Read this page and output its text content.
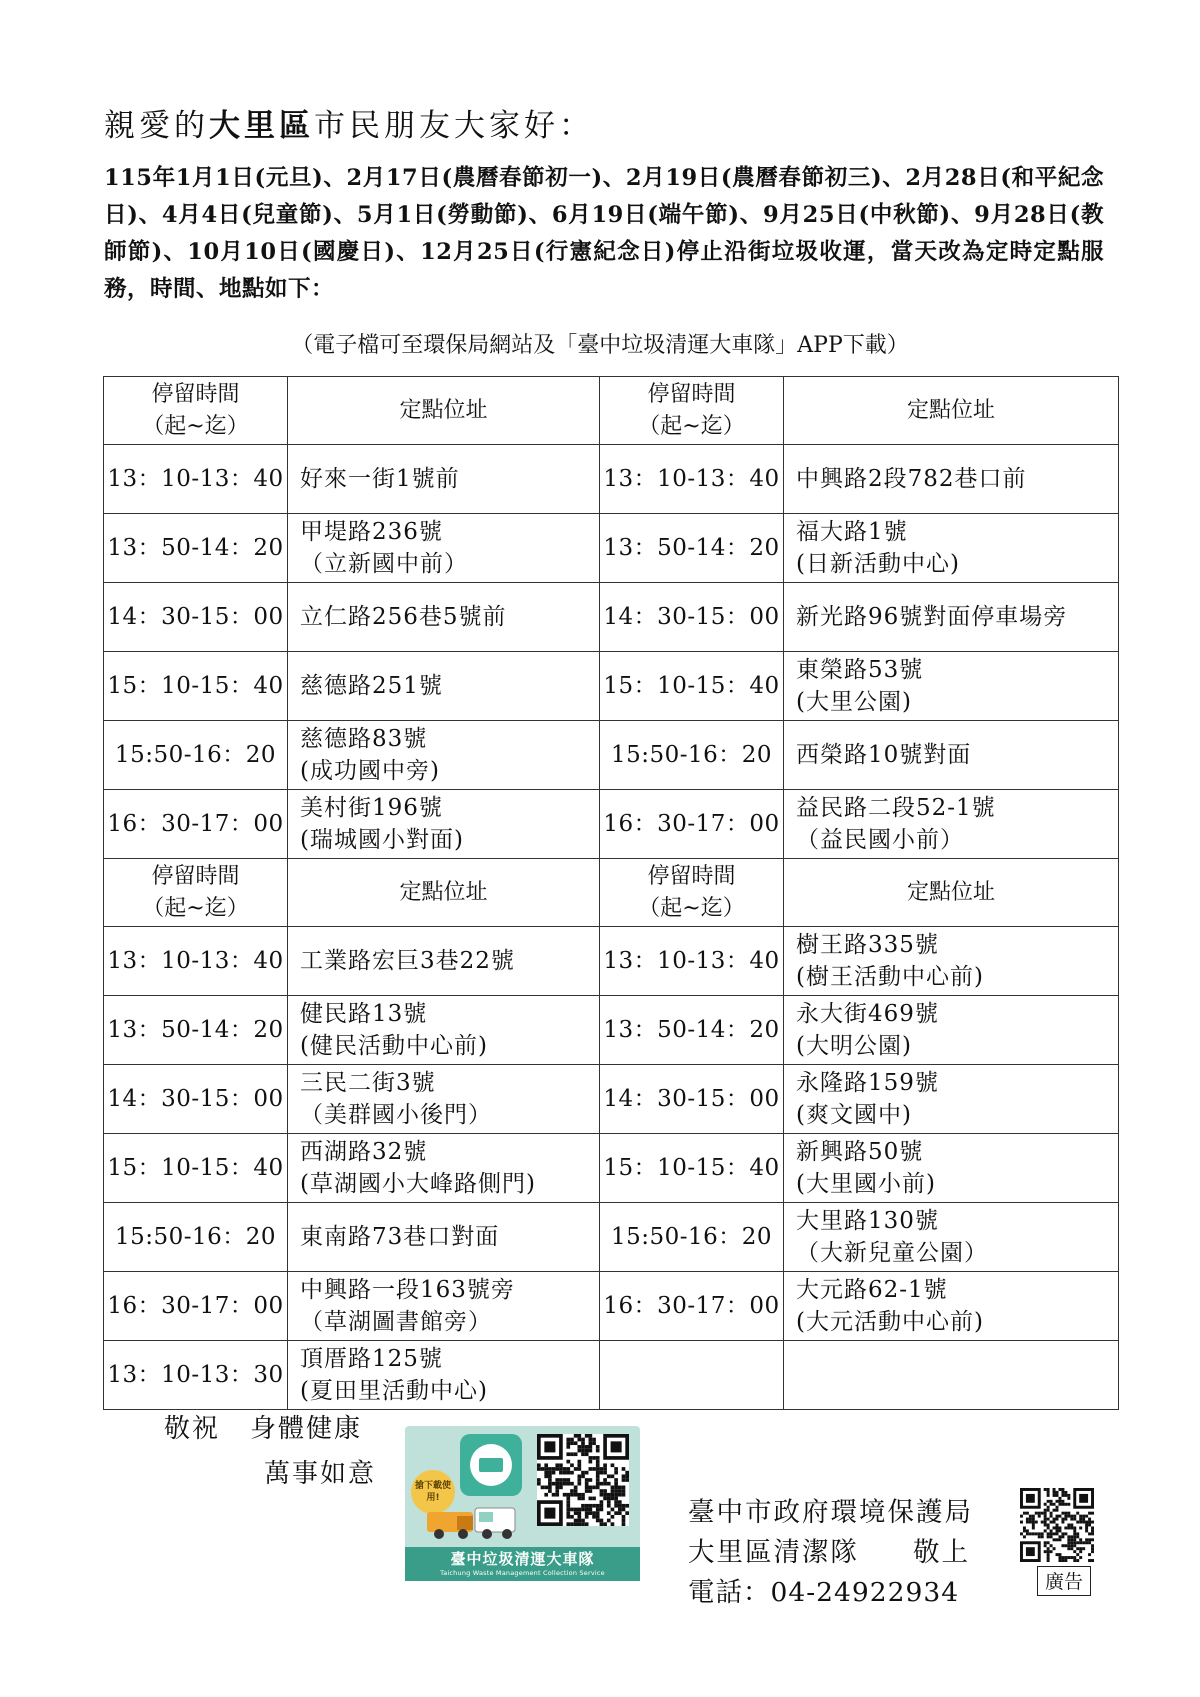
親愛的大里區市民朋友大家好：
115年1月1日(元旦)、2月17日(農曆春節初一)、2月19日(農曆春節初三)、2月28日(和平紀念日)、4月4日(兒童節)、5月1日(勞動節)、6月19日(端午節)、9月25日(中秋節)、9月28日(教師節)、10月10日(國慶日)、12月25日(行憲紀念日)停止沿街垃圾收運，當天改為定時定點服務，時間、地點如下：
（電子檔可至環保局網站及「臺中垃圾清運大車隊」APP下載）
停留時間
（起~迄）	定點位址	停留時間
（起~迄）	定點位址
13：10-13：40	好來一街1號前	13：10-13：40	中興路2段782巷口前

13：50-14：20	甲堤路236號
（立新國中前）	13：50-14：20	福大路1號
(日新活動中心)

14：30-15：00	立仁路256巷5號前	14：30-15：00	新光路96號對面停車場旁

15：10-15：40	慈德路251號	15：10-15：40	東榮路53號
(大里公園)

15:50-16：20	慈德路83號
(成功國中旁)	15:50-16：20	西榮路10號對面

16：30-17：00	美村街196號
(瑞城國小對面)	16：30-17：00	益民路二段52-1號
（益民國小前）

停留時間
（起~迄）	定點位址	停留時間
（起~迄）	定點位址
13：10-13：40	工業路宏巨3巷22號	13：10-13：40	樹王路335號
(樹王活動中心前)

13：50-14：20	健民路13號
(健民活動中心前)	13：50-14：20	永大街469號
(大明公園)

14：30-15：00	三民二街3號
（美群國小後門）	14：30-15：00	永隆路159號
(爽文國中)

15：10-15：40	西湖路32號
(草湖國小大峰路側門)	15：10-15：40	新興路50號
(大里國小前)

15:50-16：20	東南路73巷口對面	15:50-16：20	大里路130號
（大新兒童公園）

16：30-17：00	中興路一段163號旁
（草湖圖書館旁）	16：30-17：00	大元路62-1號
(大元活動中心前)

13：10-13：30	頂厝路125號
(夏田里活動中心)		

敬祝 身體健康
萬事如意	搶下載使用!
臺中垃圾清運大車隊
Taichung Waste Management Collection Service
臺中市政府環境保護局
大里區清潔隊 敬上
電話：04-24922934	廣告
